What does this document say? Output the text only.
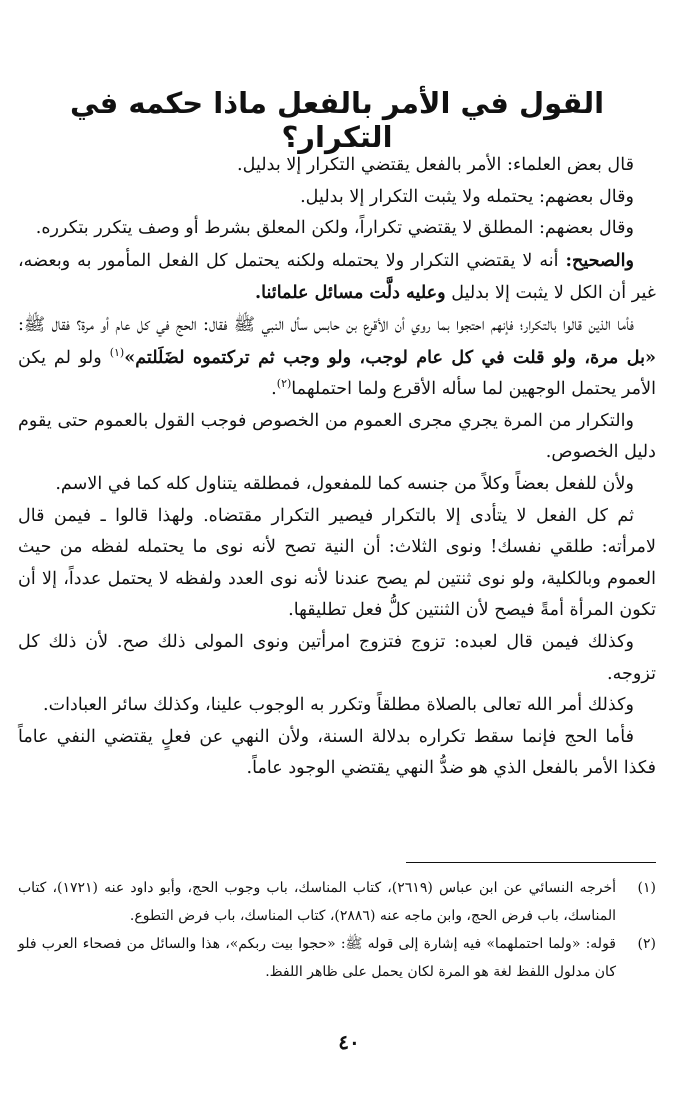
القول في الأمر بالفعل ماذا حكمه في التكرار؟

قال بعض العلماء: الأمر بالفعل يقتضي التكرار إلا بدليل.

وقال بعضهم: يحتمله ولا يثبت التكرار إلا بدليل.

وقال بعضهم: المطلق لا يقتضي تكراراً، ولكن المعلق بشرط أو وصف يتكرر بتكرره.

والصحيح: أنه لا يقتضي التكرار ولا يحتمله ولكنه يحتمل كل الفعل المأمور به وبعضه، غير أن الكل لا يثبت إلا بدليل وعليه دلَّت مسائل علمائنا.

فأما الذين قالوا بالتكرار؛ فإنهم احتجوا بما روي أن الأقرع بن حابس سأل النبي ﷺ فقال: الحج في كل عام أو مرة؟ فقال ﷺ: «بل مرة، ولو قلت في كل عام لوجب، ولو وجب ثم تركتموه لضَلَلتم»$^{(١)}$ ولو لم يكن الأمر يحتمل الوجهين لما سأله الأقرع ولما احتملهما$^{(٢)}$.

والتكرار من المرة يجري مجرى العموم من الخصوص فوجب القول بالعموم حتى يقوم دليل الخصوص.

ولأن للفعل بعضاً وكلاً من جنسه كما للمفعول، فمطلقه يتناول كله كما في الاسم.

ثم كل الفعل لا يتأدى إلا بالتكرار فيصير التكرار مقتضاه. ولهذا قالوا ـ فيمن قال لامرأته: طلقي نفسك! ونوى الثلاث: أن النية تصح لأنه نوى ما يحتمله لفظه من حيث العموم وبالكلية، ولو نوى ثنتين لم يصح عندنا لأنه نوى العدد ولفظه لا يحتمل عدداً، إلا أن تكون المرأة أمةً فيصح لأن الثنتين كلُّ فعل تطليقها.

وكذلك فيمن قال لعبده: تزوج فتزوج امرأتين ونوى المولى ذلك صح. لأن ذلك كل تزوجه.

وكذلك أمر الله تعالى بالصلاة مطلقاً وتكرر به الوجوب علينا، وكذلك سائر العبادات.

فأما الحج فإنما سقط تكراره بدلالة السنة، ولأن النهي عن فعلٍ يقتضي النفي عاماً فكذا الأمر بالفعل الذي هو ضدُّ النهي يقتضي الوجود عاماً.

(١)
أخرجه النسائي عن ابن عباس (٢٦١٩)، كتاب المناسك، باب وجوب الحج، وأبو داود عنه (١٧٢١)، كتاب المناسك، باب فرض الحج، وابن ماجه عنه (٢٨٨٦)، كتاب المناسك، باب فرض التطوع.
(٢)
قوله: «ولما احتملهما» فيه إشارة إلى قوله ﷺ: «حجوا بيت ربكم»، هذا والسائل من فصحاء العرب فلو كان مدلول اللفظ لغة هو المرة لكان يحمل على ظاهر اللفظ.
٤٠
